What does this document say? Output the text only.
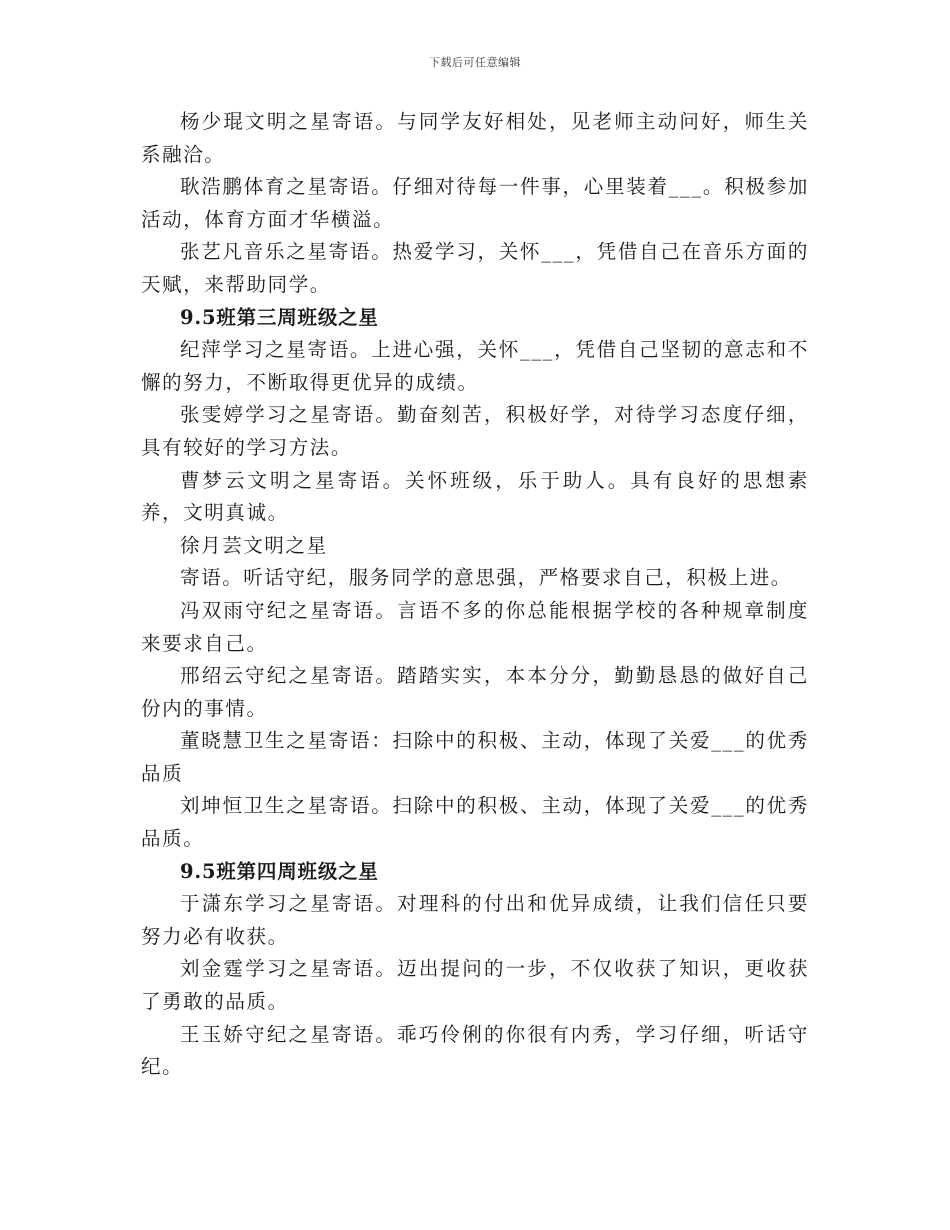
下载后可任意编辑

杨少琨文明之星寄语。与同学友好相处，见老师主动问好，师生关系融洽。

耿浩鹏体育之星寄语。仔细对待每一件事，心里装着___。积极参加活动，体育方面才华横溢。

张艺凡音乐之星寄语。热爱学习，关怀___，凭借自己在音乐方面的天赋，来帮助同学。

9.5班第三周班级之星

纪萍学习之星寄语。上进心强，关怀___，凭借自己坚韧的意志和不懈的努力，不断取得更优异的成绩。

张雯婷学习之星寄语。勤奋刻苦，积极好学，对待学习态度仔细，具有较好的学习方法。

曹梦云文明之星寄语。关怀班级，乐于助人。具有良好的思想素养，文明真诚。

徐月芸文明之星

寄语。听话守纪，服务同学的意思强，严格要求自己，积极上进。

冯双雨守纪之星寄语。言语不多的你总能根据学校的各种规章制度来要求自己。

邢绍云守纪之星寄语。踏踏实实，本本分分，勤勤恳恳的做好自己份内的事情。

董晓慧卫生之星寄语：扫除中的积极、主动，体现了关爱___的优秀品质

刘坤恒卫生之星寄语。扫除中的积极、主动，体现了关爱___的优秀品质。

9.5班第四周班级之星

于潇东学习之星寄语。对理科的付出和优异成绩，让我们信任只要努力必有收获。

刘金霆学习之星寄语。迈出提问的一步，不仅收获了知识，更收获了勇敢的品质。

王玉娇守纪之星寄语。乖巧伶俐的你很有内秀，学习仔细，听话守纪。
